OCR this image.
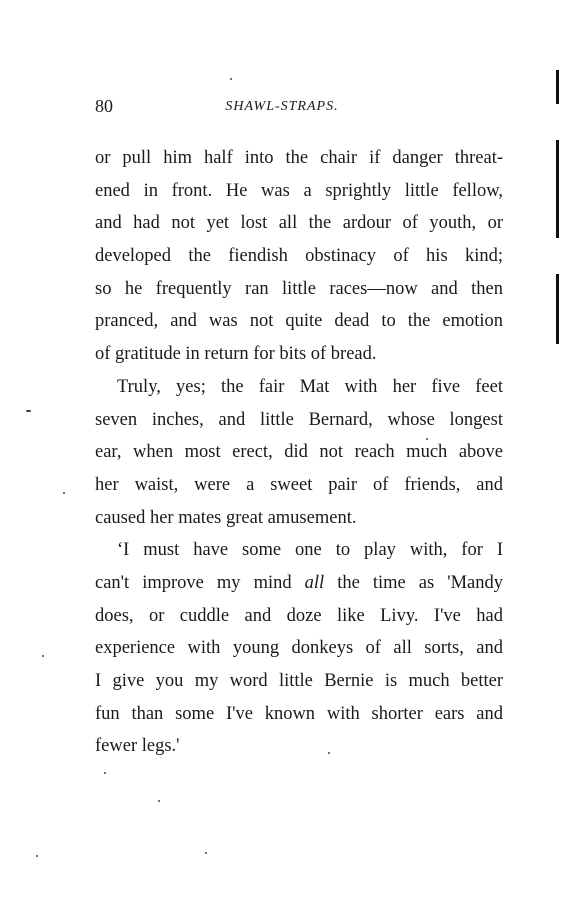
80	SHAWL-STRAPS.
or pull him half into the chair if danger threat-
ened in front. He was a sprightly little fellow,
and had not yet lost all the ardour of youth, or
developed the fiendish obstinacy of his kind;
so he frequently ran little races—now and then
pranced, and was not quite dead to the emotion
of gratitude in return for bits of bread.
Truly, yes; the fair Mat with her five feet
seven inches, and little Bernard, whose longest
ear, when most erect, did not reach much above
her waist, were a sweet pair of friends, and
caused her mates great amusement.
‘I must have some one to play with, for I
can't improve my mind all the time as 'Mandy
does, or cuddle and doze like Livy. I've had
experience with young donkeys of all sorts, and
I give you my word little Bernie is much better
fun than some I've known with shorter ears and
fewer legs.'
